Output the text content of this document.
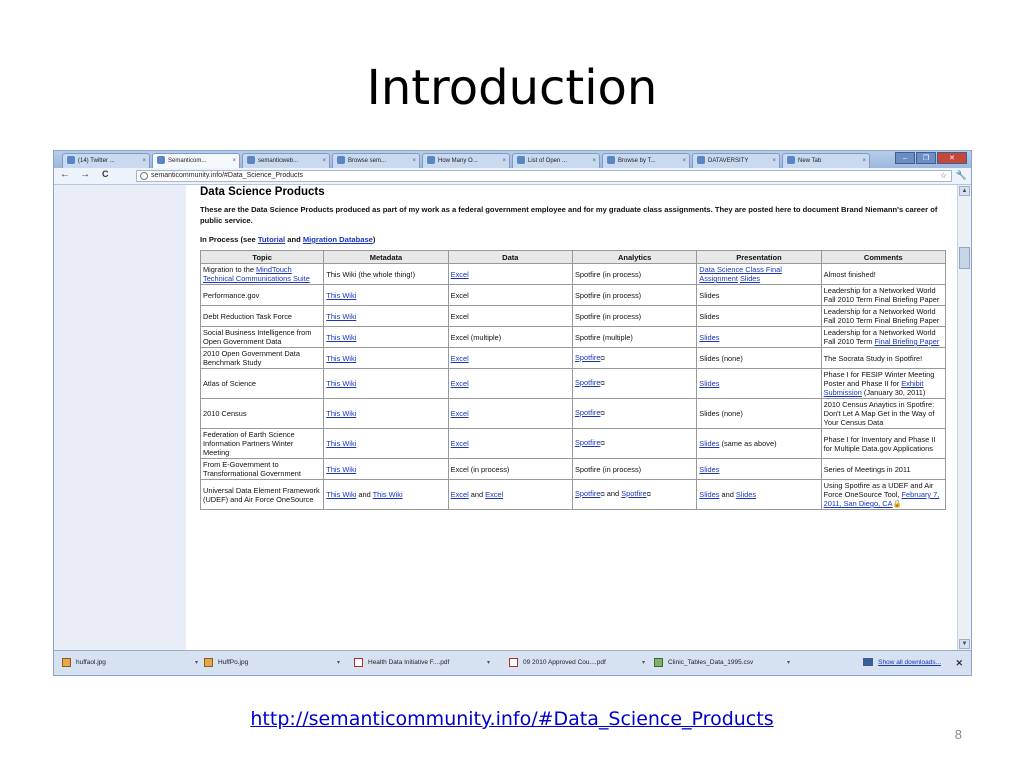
Introduction
–	❐	✕
(14) Twitter ...	×	Semanticom...	×	semanticweb...	×	Browse sem...	×	How Many O...	×	List of Open ...	×	Browse by T...	×	DATAVERSITY	×	New Tab	×
← → C	semanticommunity.info/#Data_Science_Products	☆ 🔧
Data Science Products

These are the Data Science Products produced as part of my work as a federal government employee and for my graduate class assignments. They are posted here to document Brand Niemann's career of public service.

In Process (see Tutorial and Migration Database)
Topic	Metadata	Data	Analytics	Presentation	Comments
Migration to the MindTouch Technical Communications Suite	This Wiki (the whole thing!)	Excel	Spotfire (in process)	Data Science Class Final Assignment Slides	Almost finished!
Performance.gov	This Wiki	Excel	Spotfire (in process)	Slides	Leadership for a Networked World Fall 2010 Term Final Briefing Paper
Debt Reduction Task Force	This Wiki	Excel	Spotfire (in process)	Slides	Leadership for a Networked World Fall 2010 Term Final Briefing Paper
Social Business Intelligence from Open Government Data	This Wiki	Excel (multiple)	Spotfire (multiple)	Slides	Leadership for a Networked World Fall 2010 Term Final Briefing Paper
2010 Open Government Data Benchmark Study	This Wiki	Excel	Spotfire⧉	Slides (none)	The Socrata Study in Spotfire!
Atlas of Science	This Wiki	Excel	Spotfire⧉	Slides	Phase I for FESIP Winter Meeting Poster and Phase II for Exhibit Submission (January 30, 2011)
2010 Census	This Wiki	Excel	Spotfire⧉	Slides (none)	2010 Census Anaytics in Spotfire: Don't Let A Map Get in the Way of Your Census Data
Federation of Earth Science Information Partners Winter Meeting	This Wiki	Excel	Spotfire⧉	Slides (same as above)	Phase I for Inventory and Phase II for Multiple Data.gov Applications
From E-Government to Transformational Government	This Wiki	Excel (in process)	Spotfire (in process)	Slides	Series of Meetings in 2011
Universal Data Element Framework (UDEF) and Air Force OneSource	This Wiki and This Wiki	Excel and Excel	Spotfire⧉ and Spotfire⧉	Slides and Slides	Using Spotfire as a UDEF and Air Force OneSource Tool, February 7, 2011, San Diego, CA🔒
▲
▼
Show all downloads... ✕
huffaol.jpg	▾	HuffPo.jpg	▾	Health Data Initiative F....pdf	▾	09 2010 Approved Cou....pdf	▾	Clinic_Tables_Data_1995.csv	▾
http://semanticommunity.info/#Data_Science_Products
8
